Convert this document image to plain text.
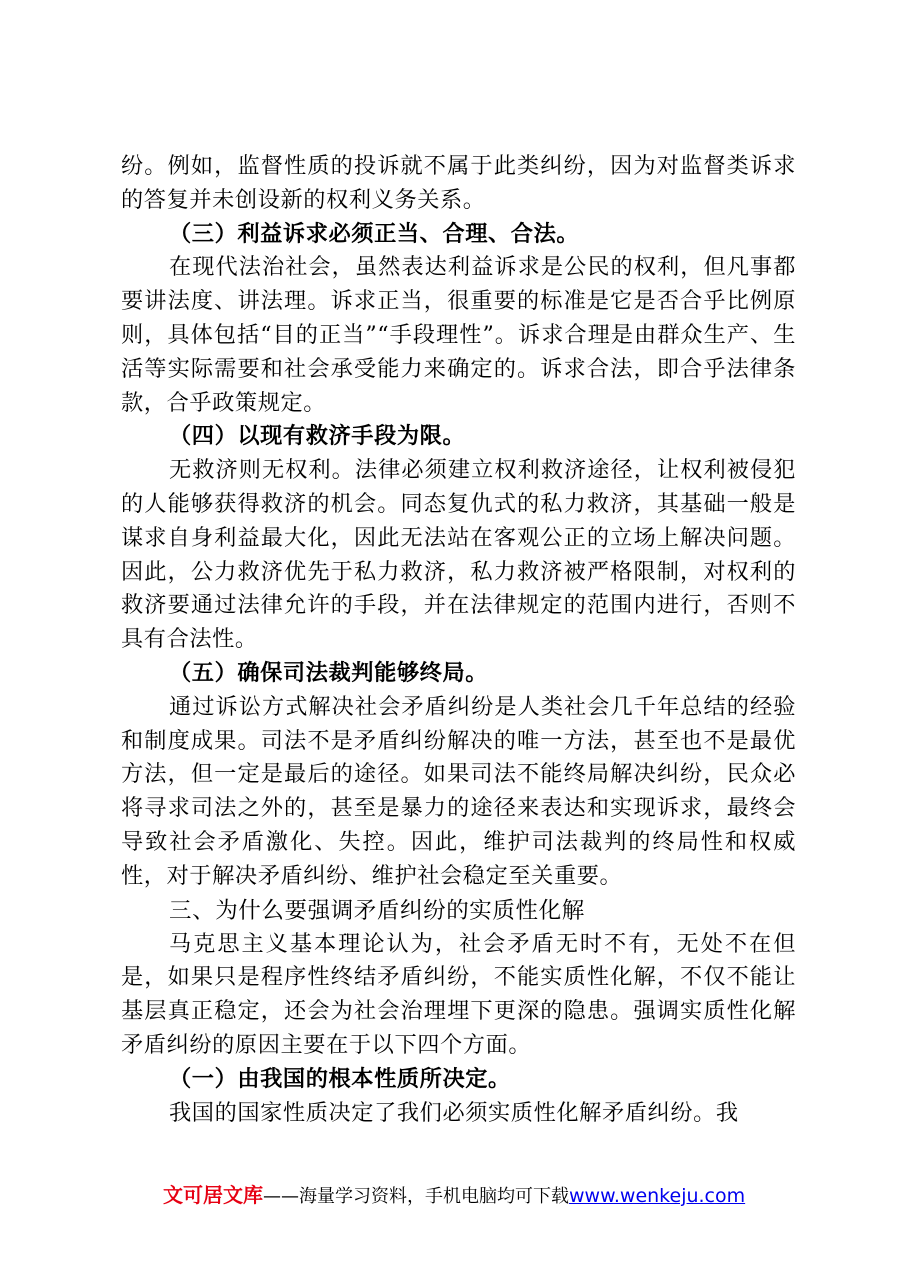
纷。例如，监督性质的投诉就不属于此类纠纷，因为对监督类诉求的答复并未创设新的权利义务关系。

（三）利益诉求必须正当、合理、合法。

在现代法治社会，虽然表达利益诉求是公民的权利，但凡事都要讲法度、讲法理。诉求正当，很重要的标准是它是否合乎比例原则，具体包括“目的正当”“手段理性”。诉求合理是由群众生产、生活等实际需要和社会承受能力来确定的。诉求合法，即合乎法律条款，合乎政策规定。

（四）以现有救济手段为限。

无救济则无权利。法律必须建立权利救济途径，让权利被侵犯的人能够获得救济的机会。同态复仇式的私力救济，其基础一般是谋求自身利益最大化，因此无法站在客观公正的立场上解决问题。因此，公力救济优先于私力救济，私力救济被严格限制，对权利的救济要通过法律允许的手段，并在法律规定的范围内进行，否则不具有合法性。

（五）确保司法裁判能够终局。

通过诉讼方式解决社会矛盾纠纷是人类社会几千年总结的经验和制度成果。司法不是矛盾纠纷解决的唯一方法，甚至也不是最优方法，但一定是最后的途径。如果司法不能终局解决纠纷，民众必将寻求司法之外的，甚至是暴力的途径来表达和实现诉求，最终会导致社会矛盾激化、失控。因此，维护司法裁判的终局性和权威性，对于解决矛盾纠纷、维护社会稳定至关重要。

三、为什么要强调矛盾纠纷的实质性化解

马克思主义基本理论认为，社会矛盾无时不有，无处不在但是，如果只是程序性终结矛盾纠纷，不能实质性化解，不仅不能让基层真正稳定，还会为社会治理埋下更深的隐患。强调实质性化解矛盾纠纷的原因主要在于以下四个方面。

（一）由我国的根本性质所决定。

我国的国家性质决定了我们必须实质性化解矛盾纠纷。我

文可居文库——海量学习资料，手机电脑均可下载www.wenkeju.com
